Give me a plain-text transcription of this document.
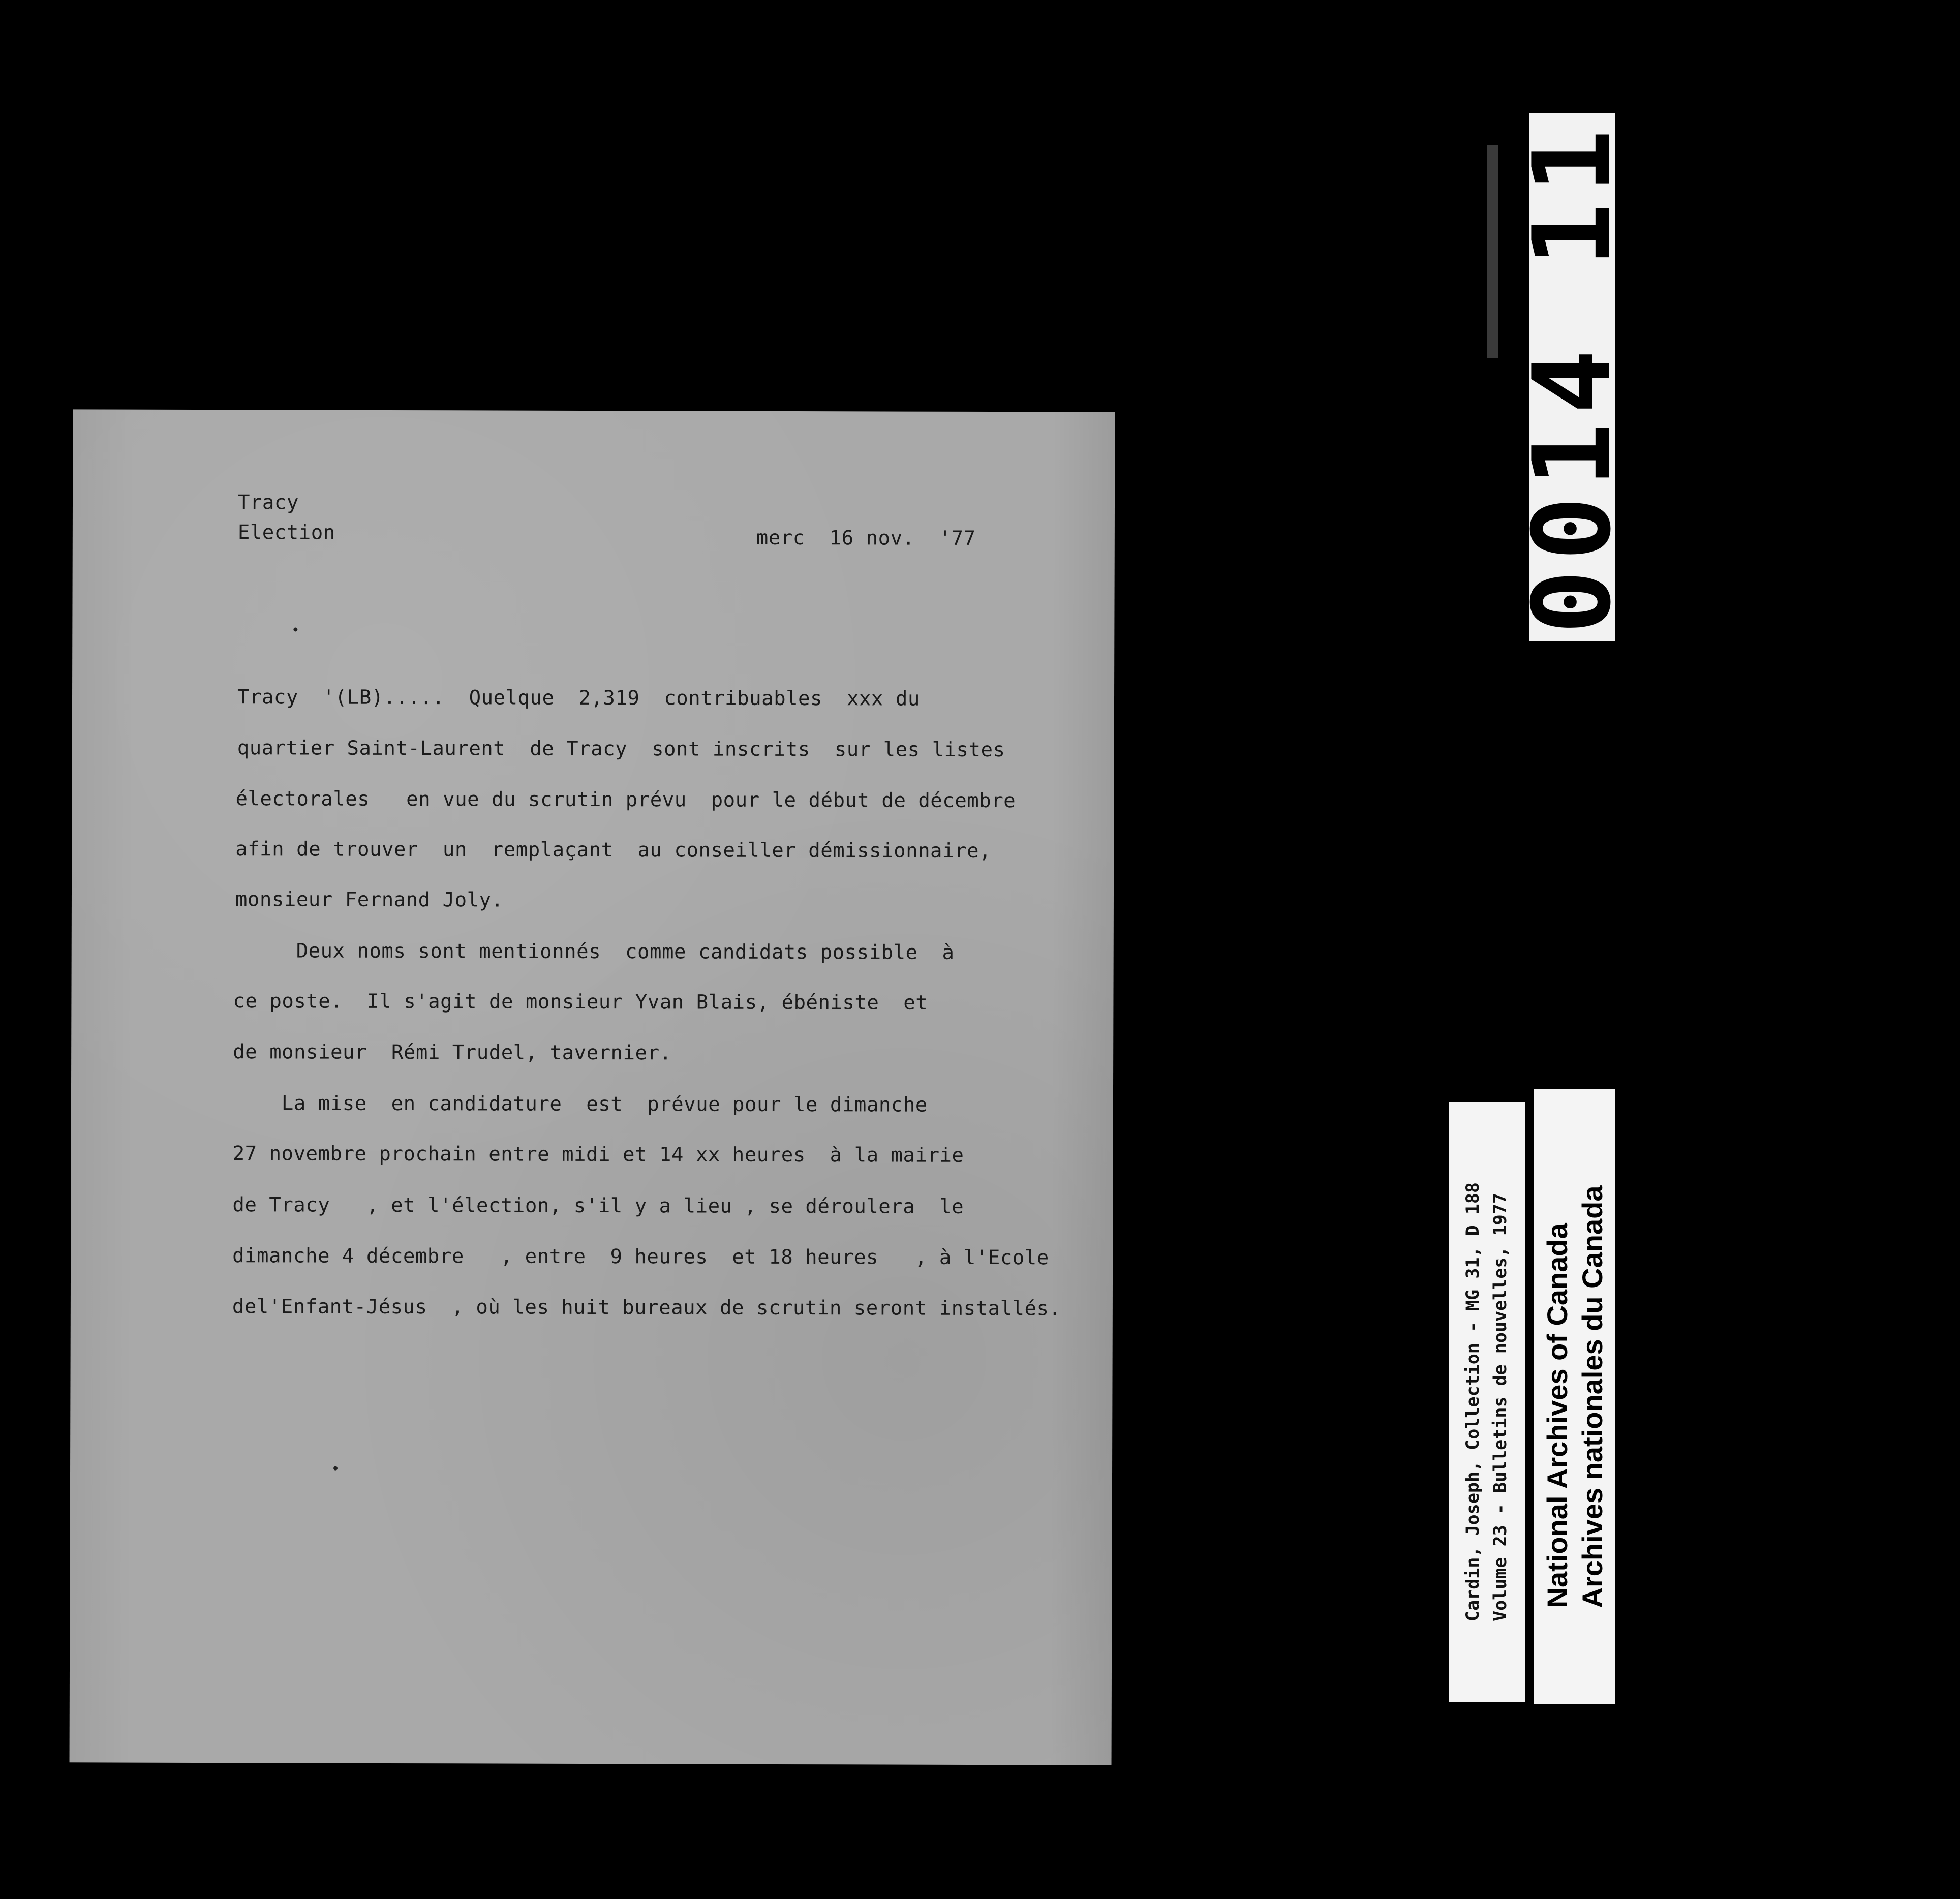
Tracy
Election	merc  16 nov.  '77
Tracy  '(LB).....  Quelque  2,319  contribuables  xxx du
quartier Saint-Laurent  de Tracy  sont inscrits  sur les listes
électorales   en vue du scrutin prévu  pour le début de décembre
afin de trouver  un  remplaçant  au conseiller démissionnaire,
monsieur Fernand Joly.
Deux noms sont mentionnés  comme candidats possible  à
ce poste.  Il s'agit de monsieur Yvan Blais, ébéniste  et
de monsieur  Rémi Trudel, tavernier.
La mise  en candidature  est  prévue pour le dimanche
27 novembre prochain entre midi et 14 xx heures  à la mairie
de Tracy   , et l'élection, s'il y a lieu , se déroulera  le
dimanche 4 décembre   , entre  9 heures  et 18 heures   , à l'Ecole
del'Enfant-Jésus  , où les huit bureaux de scrutin seront installés.
0014 11
Cardin, Joseph, Collection - MG 31, D 188 Volume 23 - Bulletins de nouvelles, 1977 National Archives of Canada Archives nationales du Canada
